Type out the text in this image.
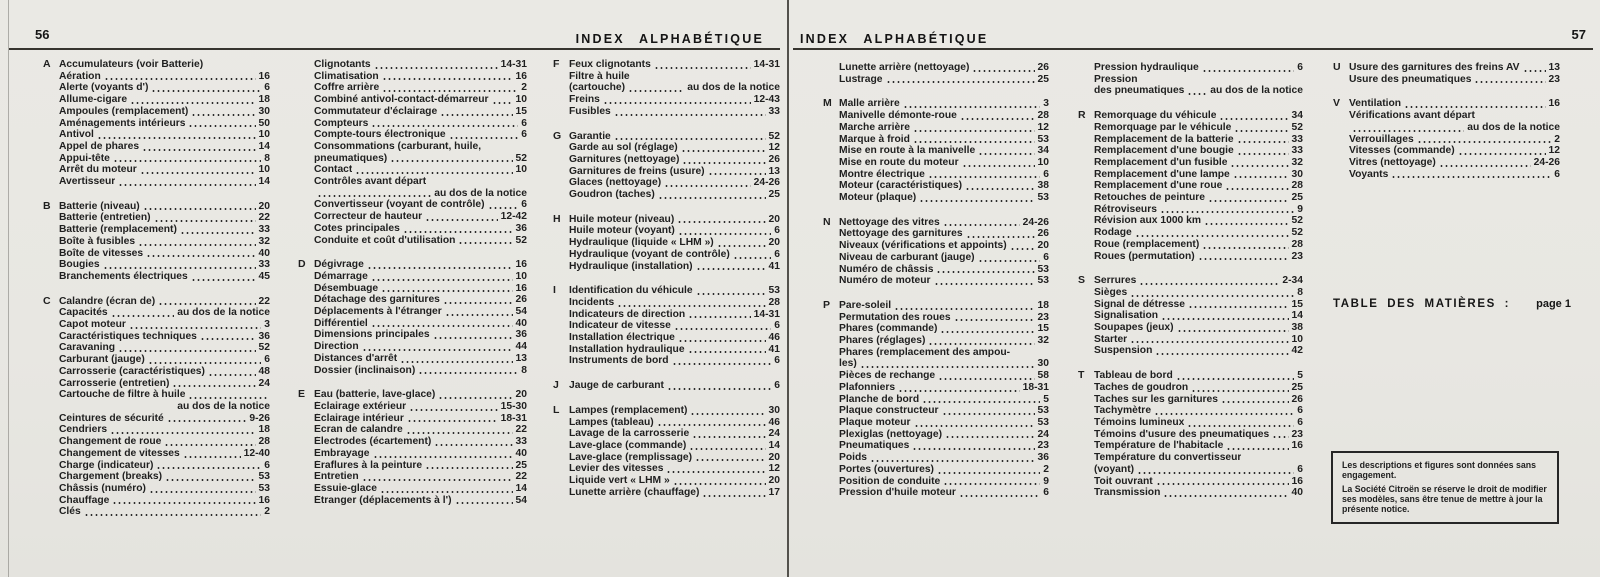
56	INDEX ALPHABÉTIQUE
A Accumulateurs (voir Batterie)
Aération	16
Alerte (voyants d')	6
Allume-cigare	18
Ampoules (remplacement)	30
Aménagements intérieurs	50
Antivol	10
Appel de phares	14
Appui-tête	8
Arrêt du moteur	10
Avertisseur	14
B Batterie (niveau)	20
Batterie (entretien)	22
Batterie (remplacement)	33
Boîte à fusibles	32
Boîte de vitesses	40
Bougies	33
Branchements électriques	45
C Calandre (écran de)	22
Capacités	au dos de la notice
Capot moteur	3
Caractéristiques techniques	36
Caravaning	52
Carburant (jauge)	6
Carrosserie (caractéristiques)	48
Carrosserie (entretien)	24
Cartouche de filtre à huile
au dos de la notice
Ceintures de sécurité	9-26
Cendriers	18
Changement de roue	28
Changement de vitesses	12-40
Charge (indicateur)	6
Chargement (breaks)	53
Châssis (numéro)	53
Chauffage	16
Clés	2
Clignotants	14-31
Climatisation	16
Coffre arrière	2
Combiné antivol-contact-démarreur	10
Commutateur d'éclairage	15
Compteurs	6
Compte-tours électronique	6
Consommations (carburant, huile,
pneumatiques)	52
Contact	10
Contrôles avant départ
au dos de la notice
Convertisseur (voyant de contrôle)	6
Correcteur de hauteur	12-42
Cotes principales	36
Conduite et coût d'utilisation	52
D Dégivrage	16
Démarrage	10
Désembuage	16
Détachage des garnitures	26
Déplacements à l'étranger	54
Différentiel	40
Dimensions principales	36
Direction	44
Distances d'arrêt	13
Dossier (inclinaison)	8
E Eau (batterie, lave-glace)	20
Éclairage extérieur	15-30
Éclairage intérieur	18-31
Ecran de calandre	22
Électrodes (écartement)	33
Embrayage	40
Éraflures à la peinture	25
Entretien	22
Essuie-glace	14
Étranger (déplacements à l')	54
F Feux clignotants	14-31
Filtre à huile
(cartouche)	au dos de la notice
Freins	12-43
Fusibles	33
G Garantie	52
Garde au sol (réglage)	12
Garnitures (nettoyage)	26
Garnitures de freins (usure)	13
Glaces (nettoyage)	24-26
Goudron (taches)	25
H Huile moteur (niveau)	20
Huile moteur (voyant)	6
Hydraulique (liquide « LHM »)	20
Hydraulique (voyant de contrôle)	6
Hydraulique (installation)	41
I Identification du véhicule	53
Incidents	28
Indicateurs de direction	14-31
Indicateur de vitesse	6
Installation électrique	46
Installation hydraulique	41
Instruments de bord	6
J Jauge de carburant	6
L Lampes (remplacement)	30
Lampes (tableau)	46
Lavage de la carrosserie	24
Lave-glace (commande)	14
Lave-glace (remplissage)	20
Levier des vitesses	12
Liquide vert « LHM »	20
Lunette arrière (chauffage)	17
57
INDEX ALPHABÉTIQUE
Lunette arrière (nettoyage)	26
Lustrage	25
M Malle arrière	3
Manivelle démonte-roue	28
Marche arrière	12
Marque à froid	53
Mise en route à la manivelle	34
Mise en route du moteur	10
Montre électrique	6
Moteur (caractéristiques)	38
Moteur (plaque)	53
N Nettoyage des vitres	24-26
Nettoyage des garnitures	26
Niveaux (vérifications et appoints)	20
Niveau de carburant (jauge)	6
Numéro de châssis	53
Numéro de moteur	53
P Pare-soleil	18
Permutation des roues	23
Phares (commande)	15
Phares (réglages)	32
Phares (remplacement des ampou-
les)	30
Pièces de rechange	58
Plafonniers	18-31
Planche de bord	5
Plaque constructeur	53
Plaque moteur	53
Plexiglas (nettoyage)	24
Pneumatiques	23
Poids	36
Portes (ouvertures)	2
Position de conduite	9
Pression d'huile moteur	6
Pression hydraulique	6
Pression
des pneumatiques	au dos de la notice
R Remorquage du véhicule	34
Remorquage par le véhicule	52
Remplacement de la batterie	33
Remplacement d'une bougie	33
Remplacement d'un fusible	32
Remplacement d'une lampe	30
Remplacement d'une roue	28
Retouches de peinture	25
Rétroviseurs	9
Révision aux 1000 km	52
Rodage	52
Roue (remplacement)	28
Roues (permutation)	23
S Serrures	2-34
Sièges	8
Signal de détresse	15
Signalisation	14
Soupapes (jeux)	38
Starter	10
Suspension	42
T Tableau de bord	5
Taches de goudron	25
Taches sur les garnitures	26
Tachymètre	6
Témoins lumineux	6
Témoins d'usure des pneumatiques 23
Température de l'habitacle	16
Température du convertisseur
(voyant)	6
Toit ouvrant	16
Transmission	40
U Usure des garnitures des freins AV	13
Usure des pneumatiques	23
V Ventilation	16
Vérifications avant départ
au dos de la notice
Verrouillages	2
Vitesses (commande)	12
Vitres (nettoyage)	24-26
Voyants	6
TABLE DES MATIÈRES : page 1

Les descriptions et figures sont données sans engagement.

La Société Citroën se réserve le droit de modifier ses modèles, sans être tenue de mettre à jour la présente notice.
